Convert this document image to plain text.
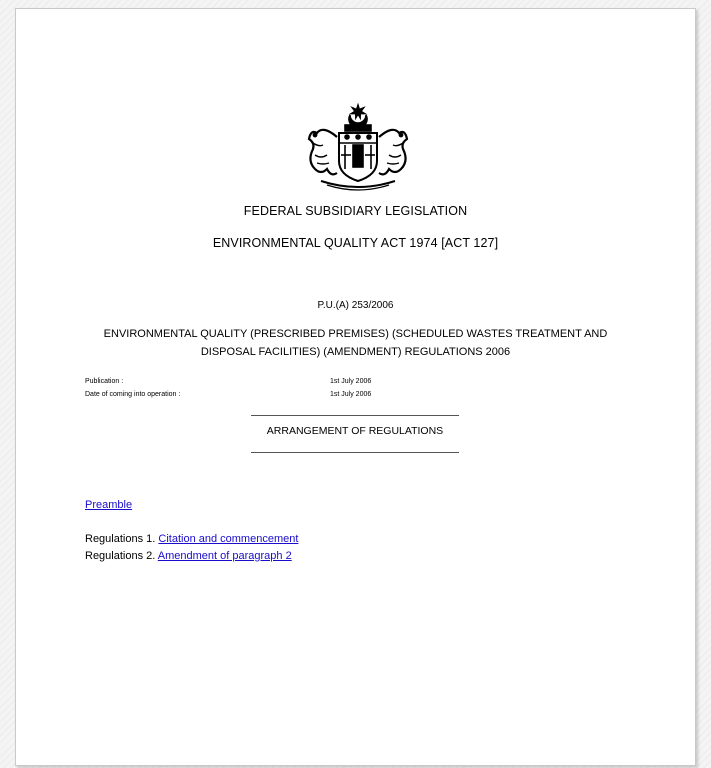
FEDERAL SUBSIDIARY LEGISLATION
ENVIRONMENTAL QUALITY ACT 1974 [ACT 127]
P.U.(A) 253/2006
ENVIRONMENTAL QUALITY (PRESCRIBED PREMISES) (SCHEDULED WASTES TREATMENT AND
DISPOSAL FACILITIES) (AMENDMENT) REGULATIONS 2006
Publication :	1st July 2006
Date of coming into operation :	1st July 2006
ARRANGEMENT OF REGULATIONS
Preamble
Regulations 1. Citation and commencement
Regulations 2. Amendment of paragraph 2
